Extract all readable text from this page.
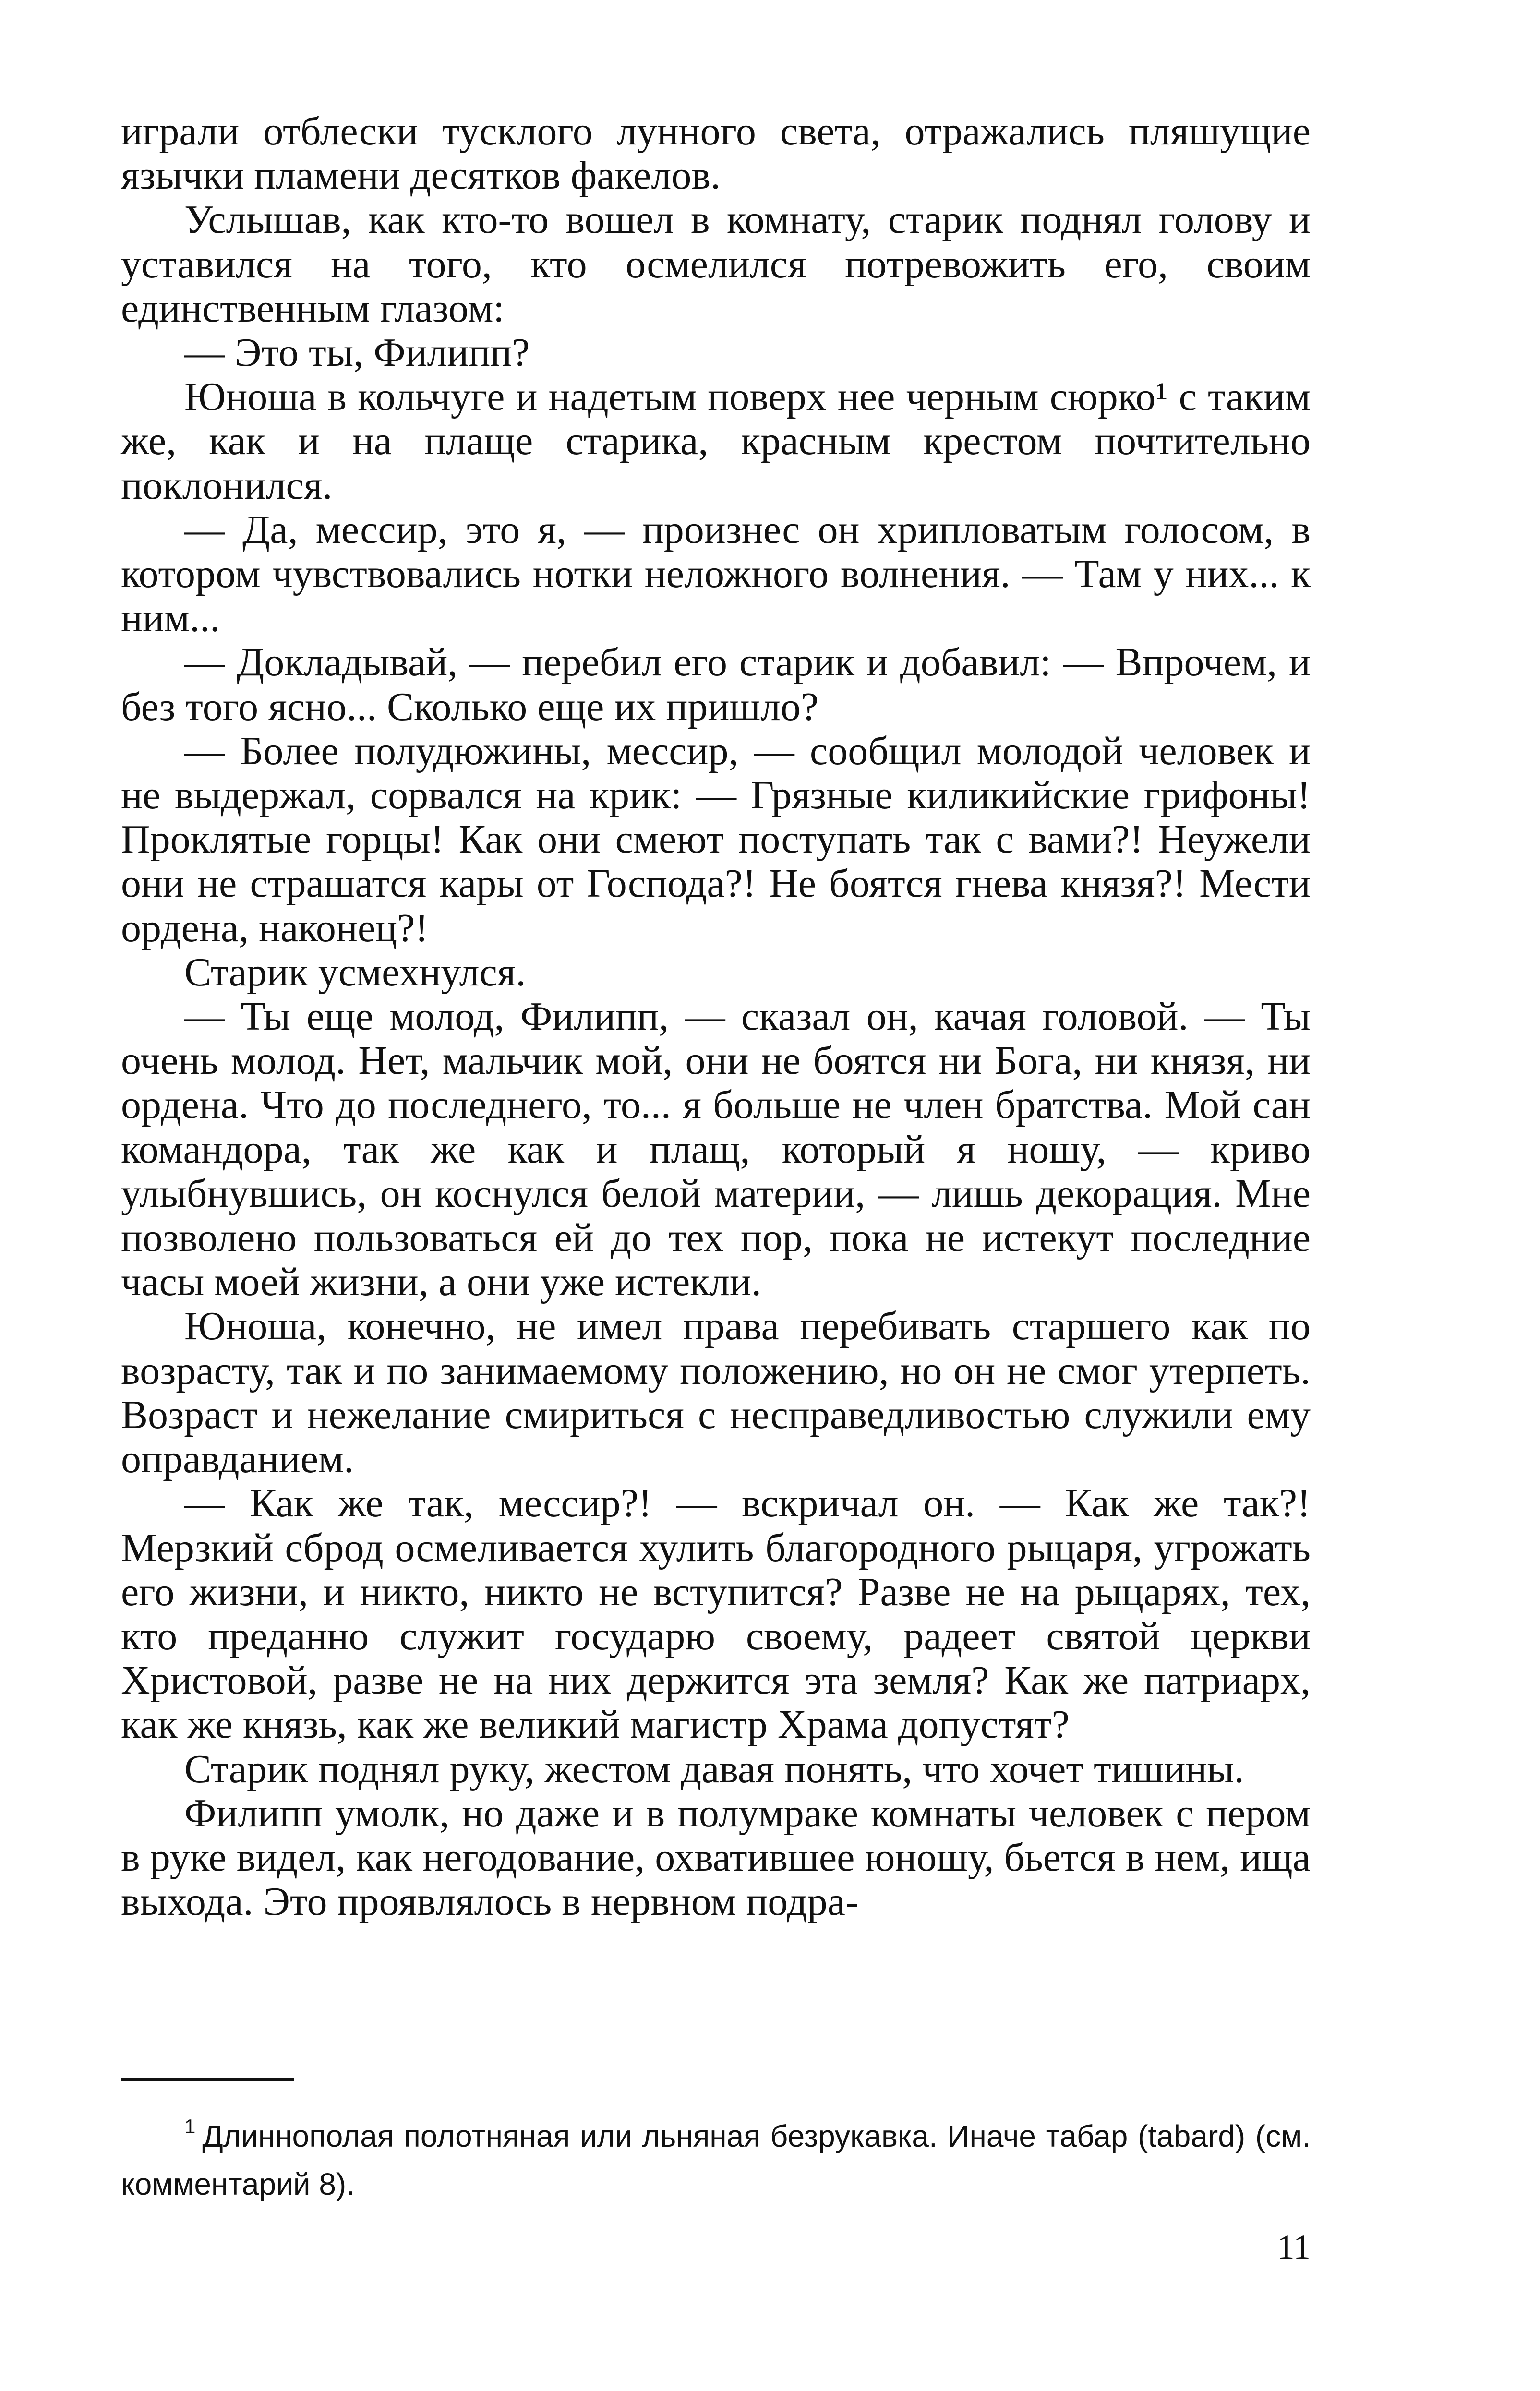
играли отблески тусклого лунного света, отражались пляшущие язычки пламени десятков факелов.

Услышав, как кто-то вошел в комнату, старик поднял голову и уставился на того, кто осмелился потревожить его, своим единственным глазом:

— Это ты, Филипп?

Юноша в кольчуге и надетым поверх нее черным сюрко¹ с таким же, как и на плаще старика, красным крестом почтительно поклонился.

— Да, мессир, это я, — произнес он хрипловатым голосом, в котором чувствовались нотки неложного волнения. — Там у них... к ним...

— Докладывай, — перебил его старик и добавил: — Впрочем, и без того ясно... Сколько еще их пришло?

— Более полудюжины, мессир, — сообщил молодой человек и не выдержал, сорвался на крик: — Грязные киликийские грифоны! Проклятые горцы! Как они смеют поступать так с вами?! Неужели они не страшатся кары от Господа?! Не боятся гнева князя?! Мести ордена, наконец?!

Старик усмехнулся.

— Ты еще молод, Филипп, — сказал он, качая головой. — Ты очень молод. Нет, мальчик мой, они не боятся ни Бога, ни князя, ни ордена. Что до последнего, то... я больше не член братства. Мой сан командора, так же как и плащ, который я ношу, — криво улыбнувшись, он коснулся белой материи, — лишь декорация. Мне позволено пользоваться ей до тех пор, пока не истекут последние часы моей жизни, а они уже истекли.

Юноша, конечно, не имел права перебивать старшего как по возрасту, так и по занимаемому положению, но он не смог утерпеть. Возраст и нежелание смириться с несправедливостью служили ему оправданием.

— Как же так, мессир?! — вскричал он. — Как же так?! Мерзкий сброд осмеливается хулить благородного рыцаря, угрожать его жизни, и никто, никто не вступится? Разве не на рыцарях, тех, кто преданно служит государю своему, радеет святой церкви Христовой, разве не на них держится эта земля? Как же патриарх, как же князь, как же великий магистр Храма допустят?

Старик поднял руку, жестом давая понять, что хочет тишины.

Филипп умолк, но даже и в полумраке комнаты человек с пером в руке видел, как негодование, охватившее юношу, бьется в нем, ища выхода. Это проявлялось в нервном подра-

$^1$ Длиннополая полотняная или льняная безрукавка. Иначе табар (tabard) (см. комментарий 8).
11
